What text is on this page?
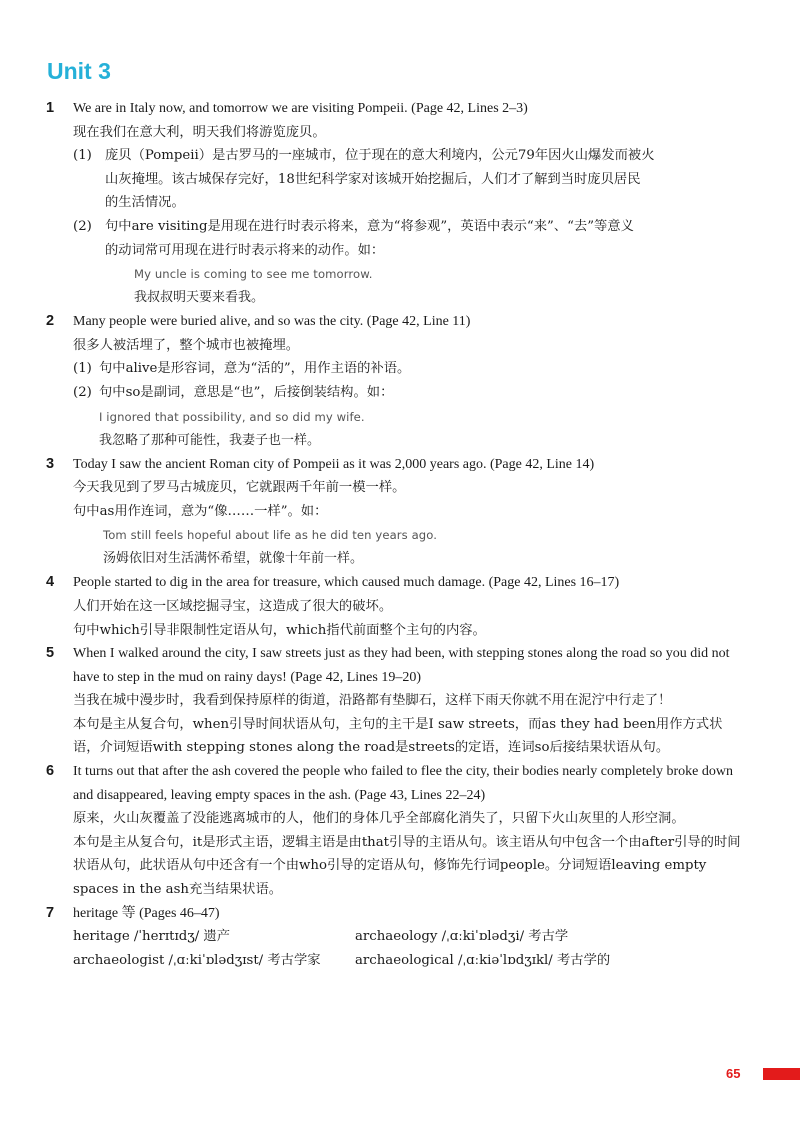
Unit 3
1 We are in Italy now, and tomorrow we are visiting Pompeii. (Page 42, Lines 2–3)
现在我们在意大利，明天我们将游览庞贝。
(1) 庞贝（Pompeii）是古罗马的一座城市，位于现在的意大利境内，公元79年因火山爆发而被火
山灰掩埋。该古城保存完好，18世纪科学家对该城开始挖掘后，人们才了解到当时庞贝居民
的生活情况。
(2) 句中are visiting是用现在进行时表示将来，意为“将参观”，英语中表示“来”、“去”等意义
的动词常可用现在进行时表示将来的动作。如：
My uncle is coming to see me tomorrow.
我叔叔明天要来看我。
2 Many people were buried alive, and so was the city. (Page 42, Line 11)
很多人被活埋了，整个城市也被掩埋。
(1) 句中alive是形容词，意为“活的”，用作主语的补语。
(2) 句中so是副词，意思是“也”，后接倒装结构。如：
I ignored that possibility, and so did my wife.
我忽略了那种可能性，我妻子也一样。
3 Today I saw the ancient Roman city of Pompeii as it was 2,000 years ago. (Page 42, Line 14)
今天我见到了罗马古城庞贝，它就跟两千年前一模一样。
句中as用作连词，意为“像……一样”。如：
Tom still feels hopeful about life as he did ten years ago.
汤姆依旧对生活满怀希望，就像十年前一样。
4 People started to dig in the area for treasure, which caused much damage. (Page 42, Lines 16–17)
人们开始在这一区域挖掘寻宝，这造成了很大的破坏。
句中which引导非限制性定语从句，which指代前面整个主句的内容。
5 When I walked around the city, I saw streets just as they had been, with stepping stones along the road so you did not have to step in the mud on rainy days! (Page 42, Lines 19–20)
当我在城中漫步时，我看到保持原样的街道，沿路都有垫脚石，这样下雨天你就不用在泥泞中行走了！
本句是主从复合句，when引导时间状语从句，主句的主干是I saw streets，而as they had been用作方式状语，介词短语with stepping stones along the road是streets的定语，连词so后接结果状语从句。
6 It turns out that after the ash covered the people who failed to flee the city, their bodies nearly completely broke down and disappeared, leaving empty spaces in the ash. (Page 43, Lines 22–24)
原来，火山灰覆盖了没能逃离城市的人，他们的身体几乎全部腐化消失了，只留下火山灰里的人形空洞。
本句是主从复合句，it是形式主语，逻辑主语是由that引导的主语从句。该主语从句中包含一个由after引导的时间状语从句，此状语从句中还含有一个由who引导的定语从句，修饰先行词people。分词短语leaving empty spaces in the ash充当结果状语。
7 heritage 等 (Pages 46–47)
heritage /ˈherɪtɪdʒ/ 遗产	archaeology /ˌɑːkiˈɒlədʒi/ 考古学
archaeologist /ˌɑːkiˈɒlədʒɪst/ 考古学家	archaeological /ˌɑːkiəˈlɒdʒɪkl/ 考古学的
65
